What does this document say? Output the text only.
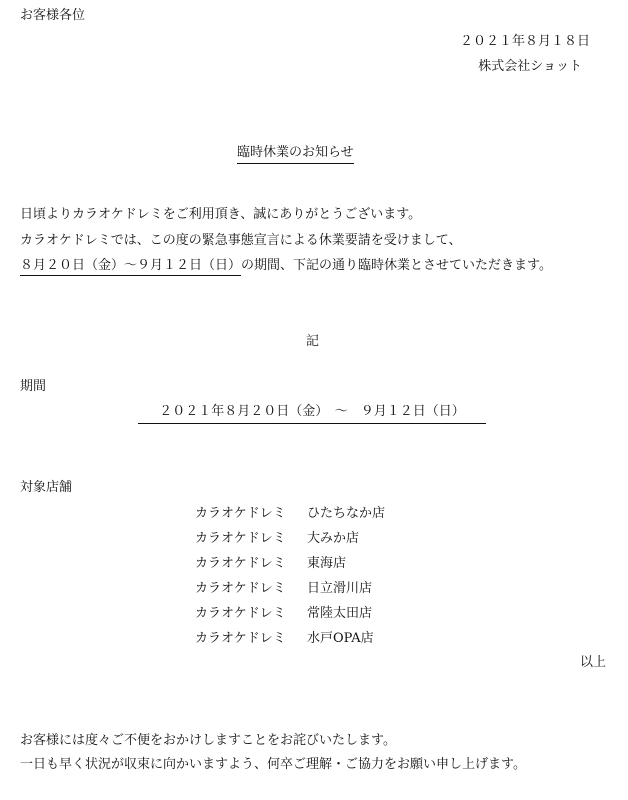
お客様各位
２０２１年８月１８日
株式会社ショット
臨時休業のお知らせ
日頃よりカラオケドレミをご利用頂き、誠にありがとうございます。
カラオケドレミでは、この度の緊急事態宣言による休業要請を受けまして、
８月２０日（金）～９月１２日（日）の期間、下記の通り臨時休業とさせていただきます。
記
期間
２０２１年８月２０日（金）　～　９月１２日（日）
対象店舗
カラオケドレミ ひたちなか店
カラオケドレミ 大みか店
カラオケドレミ 東海店
カラオケドレミ 日立滑川店
カラオケドレミ 常陸太田店
カラオケドレミ 水戸OPA店
以上
お客様には度々ご不便をおかけしますことをお詫びいたします。
一日も早く状況が収束に向かいますよう、何卒ご理解・ご協力をお願い申し上げます。
